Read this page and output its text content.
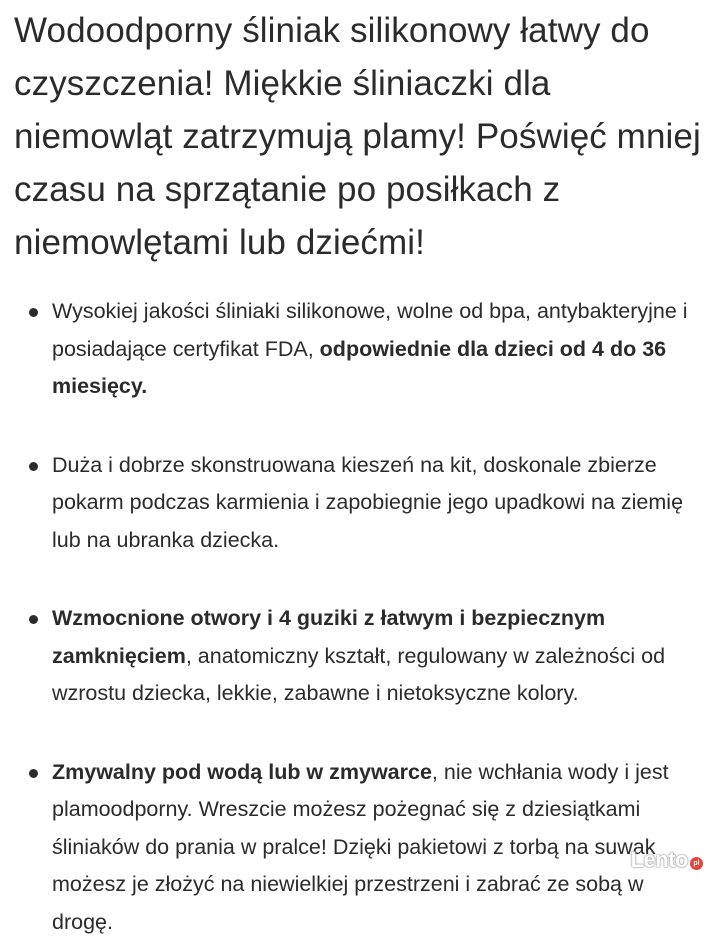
Wodoodporny śliniak silikonowy łatwy do czyszczenia! Miękkie śliniaczki dla niemowląt zatrzymują plamy! Poświęć mniej czasu na sprzątanie po posiłkach z niemowlętami lub dziećmi!
Wysokiej jakości śliniaki silikonowe, wolne od bpa, antybakteryjne i posiadające certyfikat FDA, odpowiednie dla dzieci od 4 do 36 miesięcy.
Duża i dobrze skonstruowana kieszeń na kit, doskonale zbierze pokarm podczas karmienia i zapobiegnie jego upadkowi na ziemię lub na ubranka dziecka.
Wzmocnione otwory i 4 guziki z łatwym i bezpiecznym zamknięciem, anatomiczny kształt, regulowany w zależności od wzrostu dziecka, lekkie, zabawne i nietoksyczne kolory.
Zmywalny pod wodą lub w zmywarce, nie wchłania wody i jest plamoodporny. Wreszcie możesz pożegnać się z dziesiątkami śliniaków do prania w pralce! Dzięki pakietowi z torbą na suwak możesz je złożyć na niewielkiej przestrzeni i zabrać ze sobą w drogę.
Lento pl
